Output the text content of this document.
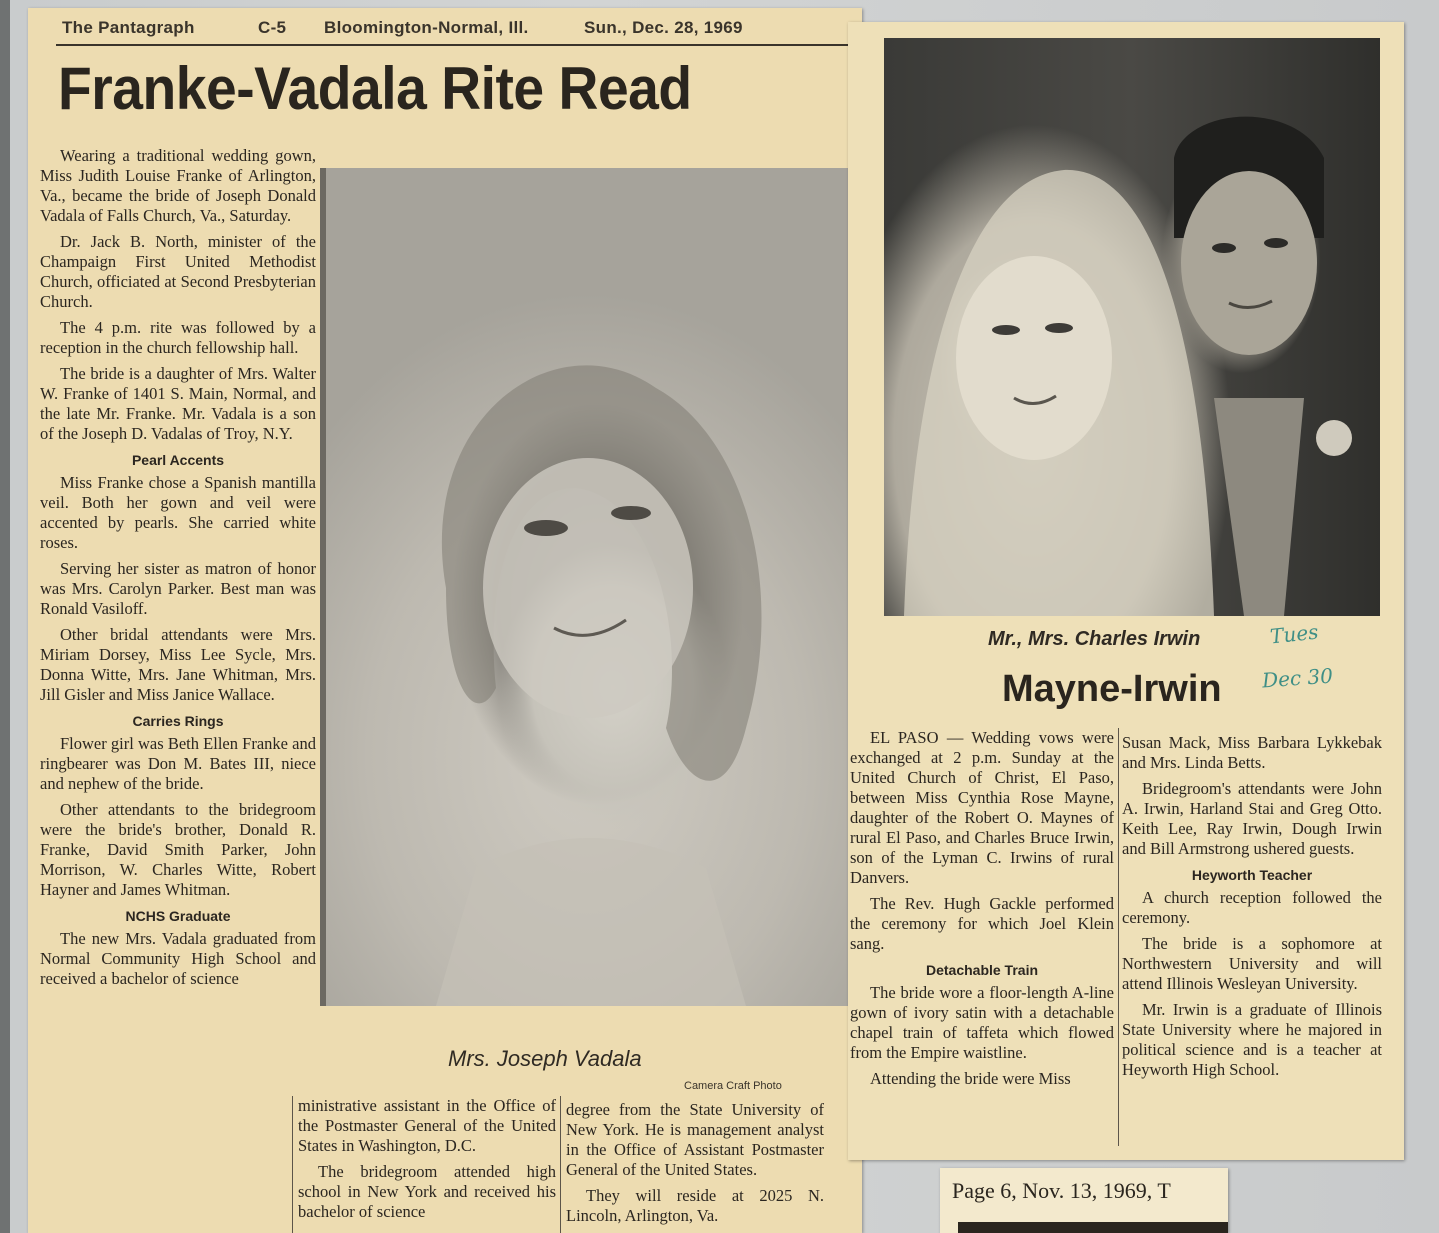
The Pantagraph	C-5 Bloomington-Normal, Ill.	Sun., Dec. 28, 1969
Franke-Vadala Rite Read

Wearing a traditional wedding gown, Miss Judith Louise Franke of Arlington, Va., became the bride of Joseph Donald Vadala of Falls Church, Va., Saturday.

Dr. Jack B. North, minister of the Champaign First United Methodist Church, officiated at Second Presbyterian Church.

The 4 p.m. rite was followed by a reception in the church fellowship hall.

The bride is a daughter of Mrs. Walter W. Franke of 1401 S. Main, Normal, and the late Mr. Franke. Mr. Vadala is a son of the Joseph D. Vadalas of Troy, N.Y.

Pearl Accents

Miss Franke chose a Spanish mantilla veil. Both her gown and veil were accented by pearls. She carried white roses.

Serving her sister as matron of honor was Mrs. Carolyn Parker. Best man was Ronald Vasiloff.

Other bridal attendants were Mrs. Miriam Dorsey, Miss Lee Sycle, Mrs. Donna Witte, Mrs. Jane Whitman, Mrs. Jill Gisler and Miss Janice Wallace.

Carries Rings

Flower girl was Beth Ellen Franke and ringbearer was Don M. Bates III, niece and nephew of the bride.

Other attendants to the bridegroom were the bride's brother, Donald R. Franke, David Smith Parker, John Morrison, W. Charles Witte, Robert Hayner and James Whitman.

NCHS Graduate

The new Mrs. Vadala graduated from Normal Community High School and received a bachelor of science

Mrs. Joseph Vadala
Camera Craft Photo

ministrative assistant in the Office of the Postmaster General of the United States in Washington, D.C.

The bridegroom attended high school in New York and received his bachelor of science

degree from the State University of New York. He is management analyst in the Office of Assistant Postmaster General of the United States.

They will reside at 2025 N. Lincoln, Arlington, Va.

Mr., Mrs. Charles Irwin	Tues
Dec 30
Mayne-Irwin

EL PASO — Wedding vows were exchanged at 2 p.m. Sunday at the United Church of Christ, El Paso, between Miss Cynthia Rose Mayne, daughter of the Robert O. Maynes of rural El Paso, and Charles Bruce Irwin, son of the Lyman C. Irwins of rural Danvers.

The Rev. Hugh Gackle performed the ceremony for which Joel Klein sang.

Detachable Train

The bride wore a floor-length A-line gown of ivory satin with a detachable chapel train of taffeta which flowed from the Empire waistline.

Attending the bride were Miss

Susan Mack, Miss Barbara Lykkebak and Mrs. Linda Betts.

Bridegroom's attendants were John A. Irwin, Harland Stai and Greg Otto. Keith Lee, Ray Irwin, Dough Irwin and Bill Armstrong ushered guests.

Heyworth Teacher

A church reception followed the ceremony.

The bride is a sophomore at Northwestern University and will attend Illinois Wesleyan University.

Mr. Irwin is a graduate of Illinois State University where he majored in political science and is a teacher at Heyworth High School.

Page 6, Nov. 13, 1969, T
